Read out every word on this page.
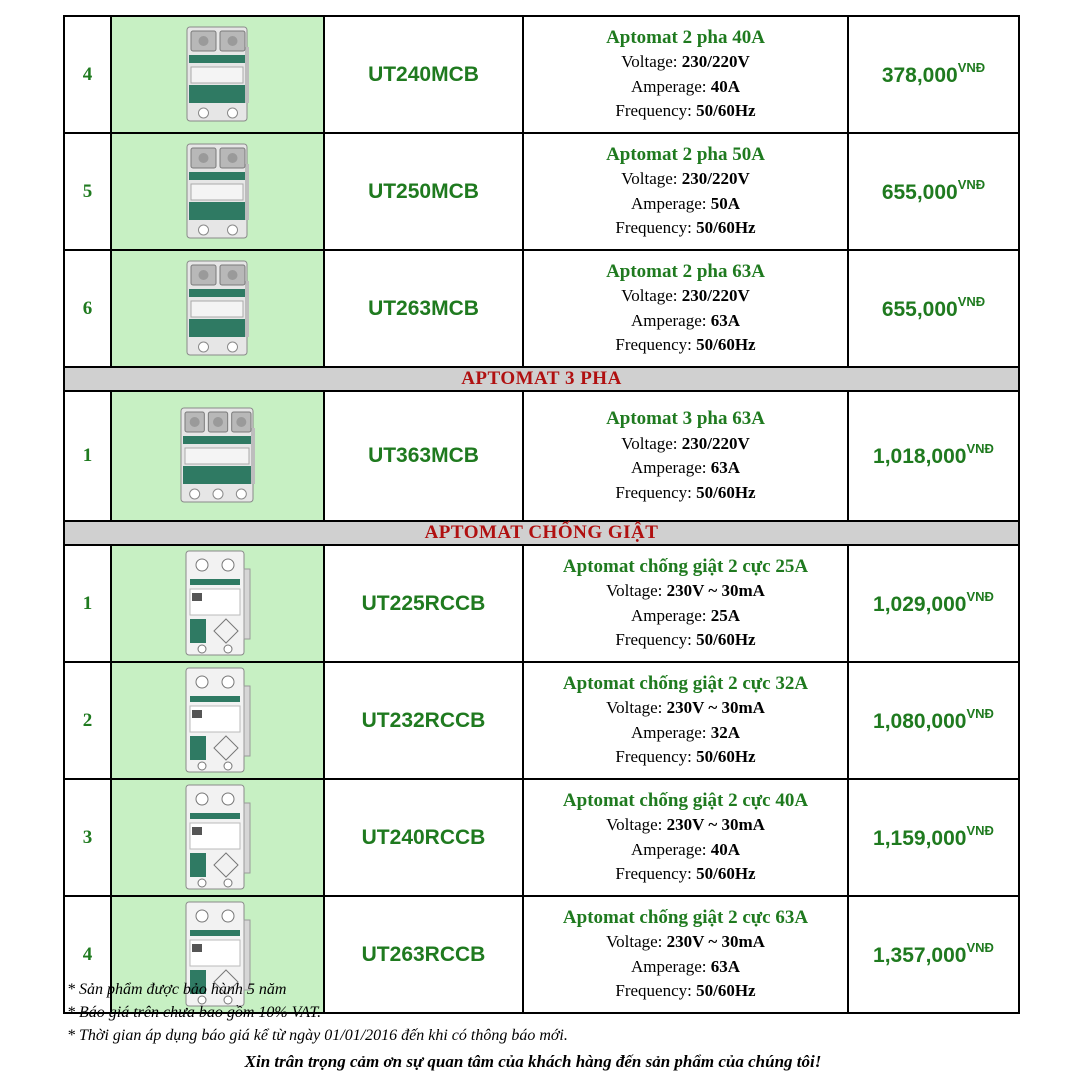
4		UT240MCB	Aptomat 2 pha 40A
Voltage: 230/220V
Amperage: 40A
Frequency: 50/60Hz	$378,000^{VNĐ}$
5		UT250MCB	Aptomat 2 pha 50A
Voltage: 230/220V
Amperage: 50A
Frequency: 50/60Hz	$655,000^{VNĐ}$
6		UT263MCB	Aptomat 2 pha 63A
Voltage: 230/220V
Amperage: 63A
Frequency: 50/60Hz	$655,000^{VNĐ}$
APTOMAT 3 PHA				
1		UT363MCB	Aptomat 3 pha 63A
Voltage: 230/220V
Amperage: 63A
Frequency: 50/60Hz	$1,018,000^{VNĐ}$
APTOMAT CHỐNG GIẬT				
1		UT225RCCB	Aptomat chống giật 2 cực 25A
Voltage: 230V ~ 30mA
Amperage: 25A
Frequency: 50/60Hz	$1,029,000^{VNĐ}$
2		UT232RCCB	Aptomat chống giật 2 cực 32A
Voltage: 230V ~ 30mA
Amperage: 32A
Frequency: 50/60Hz	$1,080,000^{VNĐ}$
3		UT240RCCB	Aptomat chống giật 2 cực 40A
Voltage: 230V ~ 30mA
Amperage: 40A
Frequency: 50/60Hz	$1,159,000^{VNĐ}$
4		UT263RCCB	Aptomat chống giật 2 cực 63A
Voltage: 230V ~ 30mA
Amperage: 63A
Frequency: 50/60Hz	$1,357,000^{VNĐ}$
* Sản phẩm được bảo hành 5 năm
* Báo giá trên chưa bao gồm 10% VAT.
* Thời gian áp dụng báo giá kể từ ngày 01/01/2016 đến khi có thông báo mới.
Xin trân trọng cảm ơn sự quan tâm của khách hàng đến sản phẩm của chúng tôi!
